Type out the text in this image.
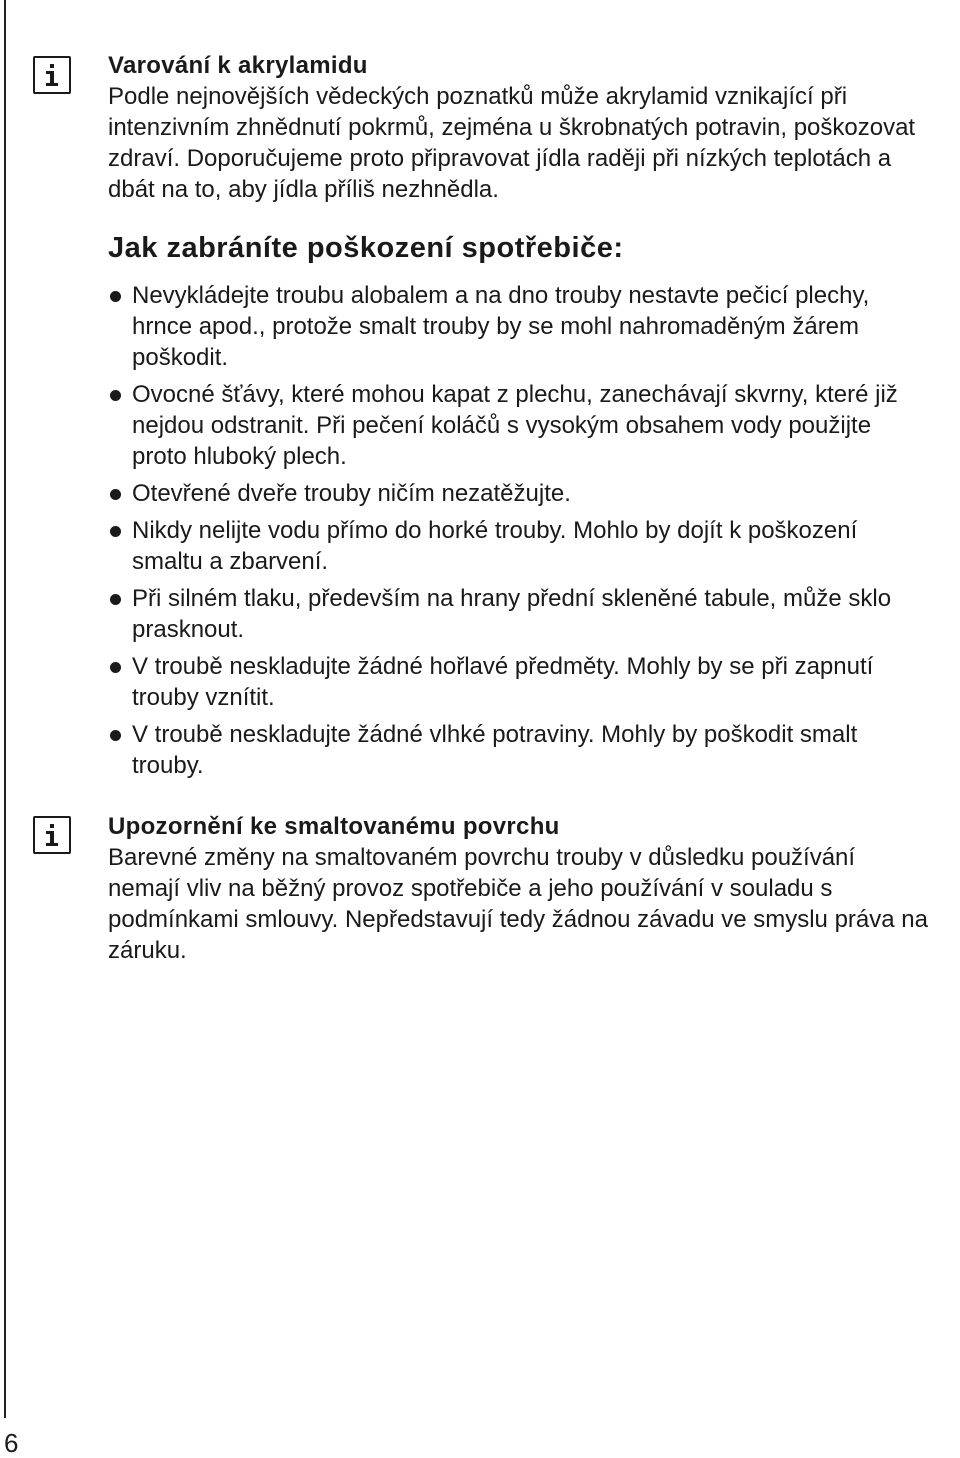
Varování k akrylamidu

Podle nejnovějších vědeckých poznatků může akrylamid vznikající při intenzivním zhnědnutí pokrmů, zejména u škrobnatých potravin, poškozovat zdraví. Doporučujeme proto připravovat jídla raději při nízkých teplotách a dbát na to, aby jídla příliš nezhnědla.

Jak zabráníte poškození spotřebiče:
Nevykládejte troubu alobalem a na dno trouby nestavte pečicí plechy, hrnce apod., protože smalt trouby by se mohl nahromaděným žárem poškodit.
Ovocné šťávy, které mohou kapat z plechu, zanechávají skvrny, které již nejdou odstranit. Při pečení koláčů s vysokým obsahem vody použijte proto hluboký plech.
Otevřené dveře trouby ničím nezatěžujte.
Nikdy nelijte vodu přímo do horké trouby. Mohlo by dojít k poškození smaltu a zbarvení.
Při silném tlaku, především na hrany přední skleněné tabule, může sklo prasknout.
V troubě neskladujte žádné hořlavé předměty. Mohly by se při zapnutí trouby vznítit.
V troubě neskladujte žádné vlhké potraviny. Mohly by poškodit smalt trouby.
Upozornění ke smaltovanému povrchu

Barevné změny na smaltovaném povrchu trouby v důsledku používání nemají vliv na běžný provoz spotřebiče a jeho používání v souladu s podmínkami smlouvy. Nepředstavují tedy žádnou závadu ve smyslu práva na záruku.

6
